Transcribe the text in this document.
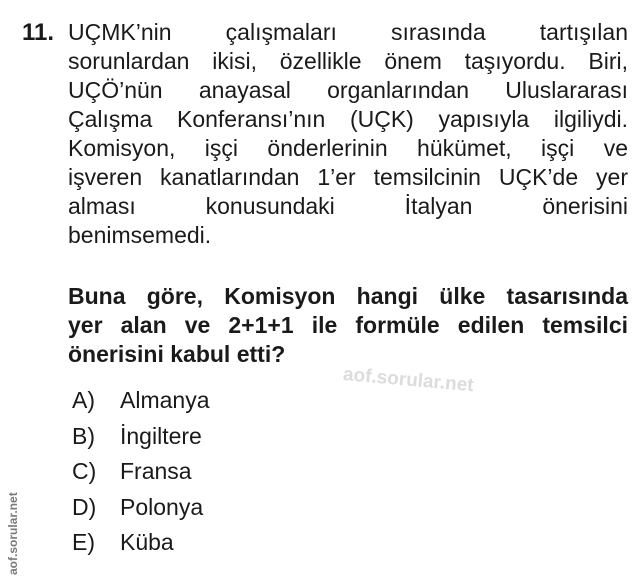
11. UÇMK’nin çalışmaları sırasında tartışılan
sorunlardan ikisi, özellikle önem taşıyordu. Biri,
UÇÖ’nün anayasal organlarından Uluslararası
Çalışma Konferansı’nın (UÇK) yapısıyla ilgiliydi.
Komisyon, işçi önderlerinin hükümet, işçi ve
işveren kanatlarından 1’er temsilcinin UÇK’de yer
alması konusundaki İtalyan önerisini
benimsemedi.

Buna göre, Komisyon hangi ülke tasarısında
yer alan ve 2+1+1 ile formüle edilen temsilci
önerisini kabul etti?

aof.sorular.net
A)	Almanya
B)	İngiltere
C)	Fransa
D)	Polonya
E)	Küba
aof.sorular.net
